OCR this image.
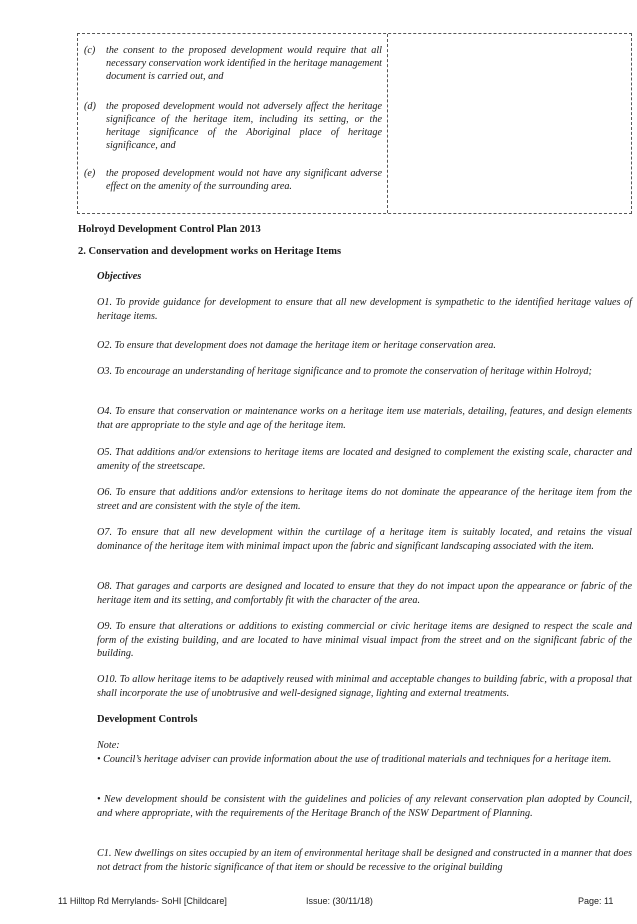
(c) the consent to the proposed development would require that all necessary conservation work identified in the heritage management document is carried out, and
(d) the proposed development would not adversely affect the heritage significance of the heritage item, including its setting, or the heritage significance of the Aboriginal place of heritage significance, and
(e) the proposed development would not have any significant adverse effect on the amenity of the surrounding area.
Holroyd Development Control Plan 2013
2. Conservation and development works on Heritage Items
Objectives
O1. To provide guidance for development to ensure that all new development is sympathetic to the identified heritage values of heritage items.
O2. To ensure that development does not damage the heritage item or heritage conservation area.
O3. To encourage an understanding of heritage significance and to promote the conservation of heritage within Holroyd;
O4. To ensure that conservation or maintenance works on a heritage item use materials, detailing, features, and design elements that are appropriate to the style and age of the heritage item.
O5. That additions and/or extensions to heritage items are located and designed to complement the existing scale, character and amenity of the streetscape.
O6. To ensure that additions and/or extensions to heritage items do not dominate the appearance of the heritage item from the street and are consistent with the style of the item.
O7. To ensure that all new development within the curtilage of a heritage item is suitably located, and retains the visual dominance of the heritage item with minimal impact upon the fabric and significant landscaping associated with the item.
O8. That garages and carports are designed and located to ensure that they do not impact upon the appearance or fabric of the heritage item and its setting, and comfortably fit with the character of the area.
O9. To ensure that alterations or additions to existing commercial or civic heritage items are designed to respect the scale and form of the existing building, and are located to have minimal visual impact from the street and on the significant fabric of the building.
O10. To allow heritage items to be adaptively reused with minimal and acceptable changes to building fabric, with a proposal that shall incorporate the use of unobtrusive and well-designed signage, lighting and external treatments.
Development Controls
Note:
• Council’s heritage adviser can provide information about the use of traditional materials and techniques for a heritage item.
• New development should be consistent with the guidelines and policies of any relevant conservation plan adopted by Council, and where appropriate, with the requirements of the Heritage Branch of the NSW Department of Planning.
C1. New dwellings on sites occupied by an item of environmental heritage shall be designed and constructed in a manner that does not detract from the historic significance of that item or should be recessive to the original building
11 Hilltop Rd Merrylands- SoHI [Childcare]	Issue: (30/11/18)	Page: 11
